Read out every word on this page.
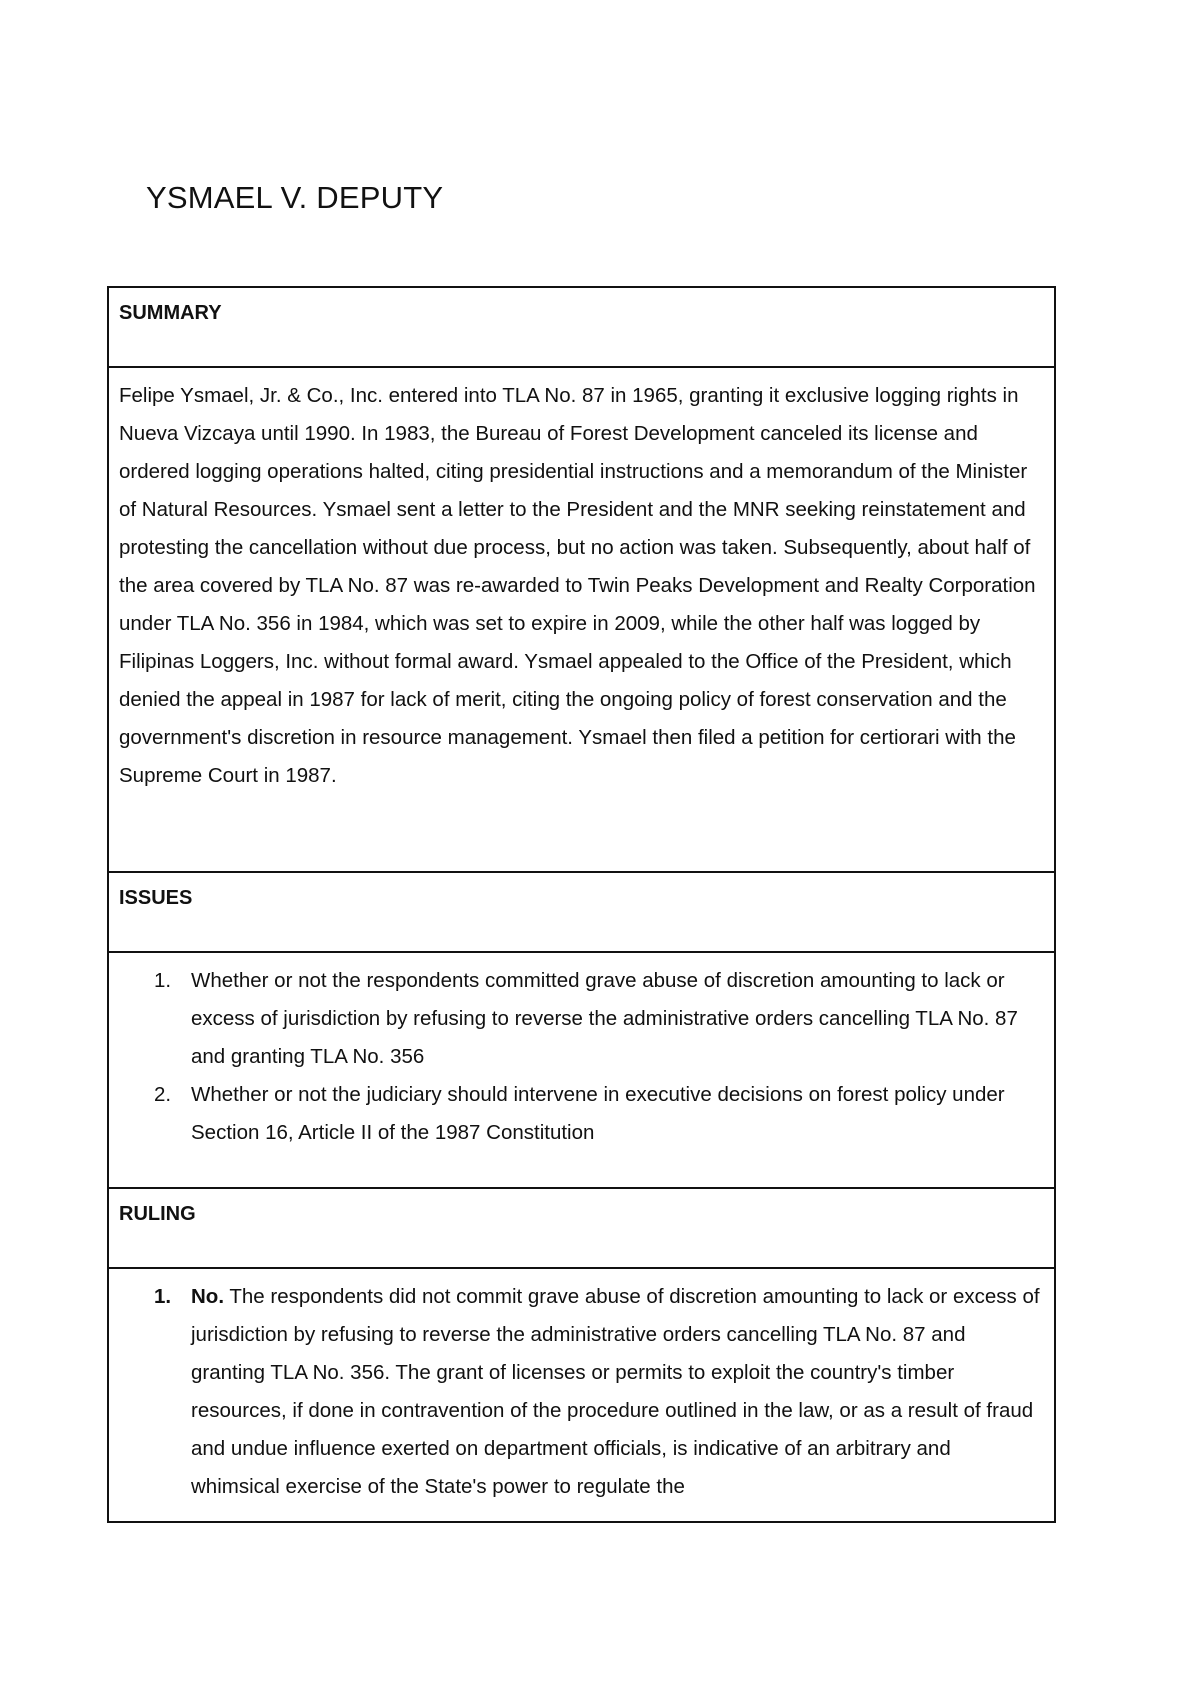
YSMAEL V. DEPUTY
SUMMARY
Felipe Ysmael, Jr. & Co., Inc. entered into TLA No. 87 in 1965, granting it exclusive logging rights in Nueva Vizcaya until 1990. In 1983, the Bureau of Forest Development canceled its license and ordered logging operations halted, citing presidential instructions and a memorandum of the Minister of Natural Resources. Ysmael sent a letter to the President and the MNR seeking reinstatement and protesting the cancellation without due process, but no action was taken. Subsequently, about half of the area covered by TLA No. 87 was re-awarded to Twin Peaks Development and Realty Corporation under TLA No. 356 in 1984, which was set to expire in 2009, while the other half was logged by Filipinas Loggers, Inc. without formal award. Ysmael appealed to the Office of the President, which denied the appeal in 1987 for lack of merit, citing the ongoing policy of forest conservation and the government's discretion in resource management. Ysmael then filed a petition for certiorari with the Supreme Court in 1987.
ISSUES
1. Whether or not the respondents committed grave abuse of discretion amounting to lack or excess of jurisdiction by refusing to reverse the administrative orders cancelling TLA No. 87 and granting TLA No. 356
2. Whether or not the judiciary should intervene in executive decisions on forest policy under Section 16, Article II of the 1987 Constitution
RULING
1. No. The respondents did not commit grave abuse of discretion amounting to lack or excess of jurisdiction by refusing to reverse the administrative orders cancelling TLA No. 87 and granting TLA No. 356. The grant of licenses or permits to exploit the country's timber resources, if done in contravention of the procedure outlined in the law, or as a result of fraud and undue influence exerted on department officials, is indicative of an arbitrary and whimsical exercise of the State's power to regulate the
